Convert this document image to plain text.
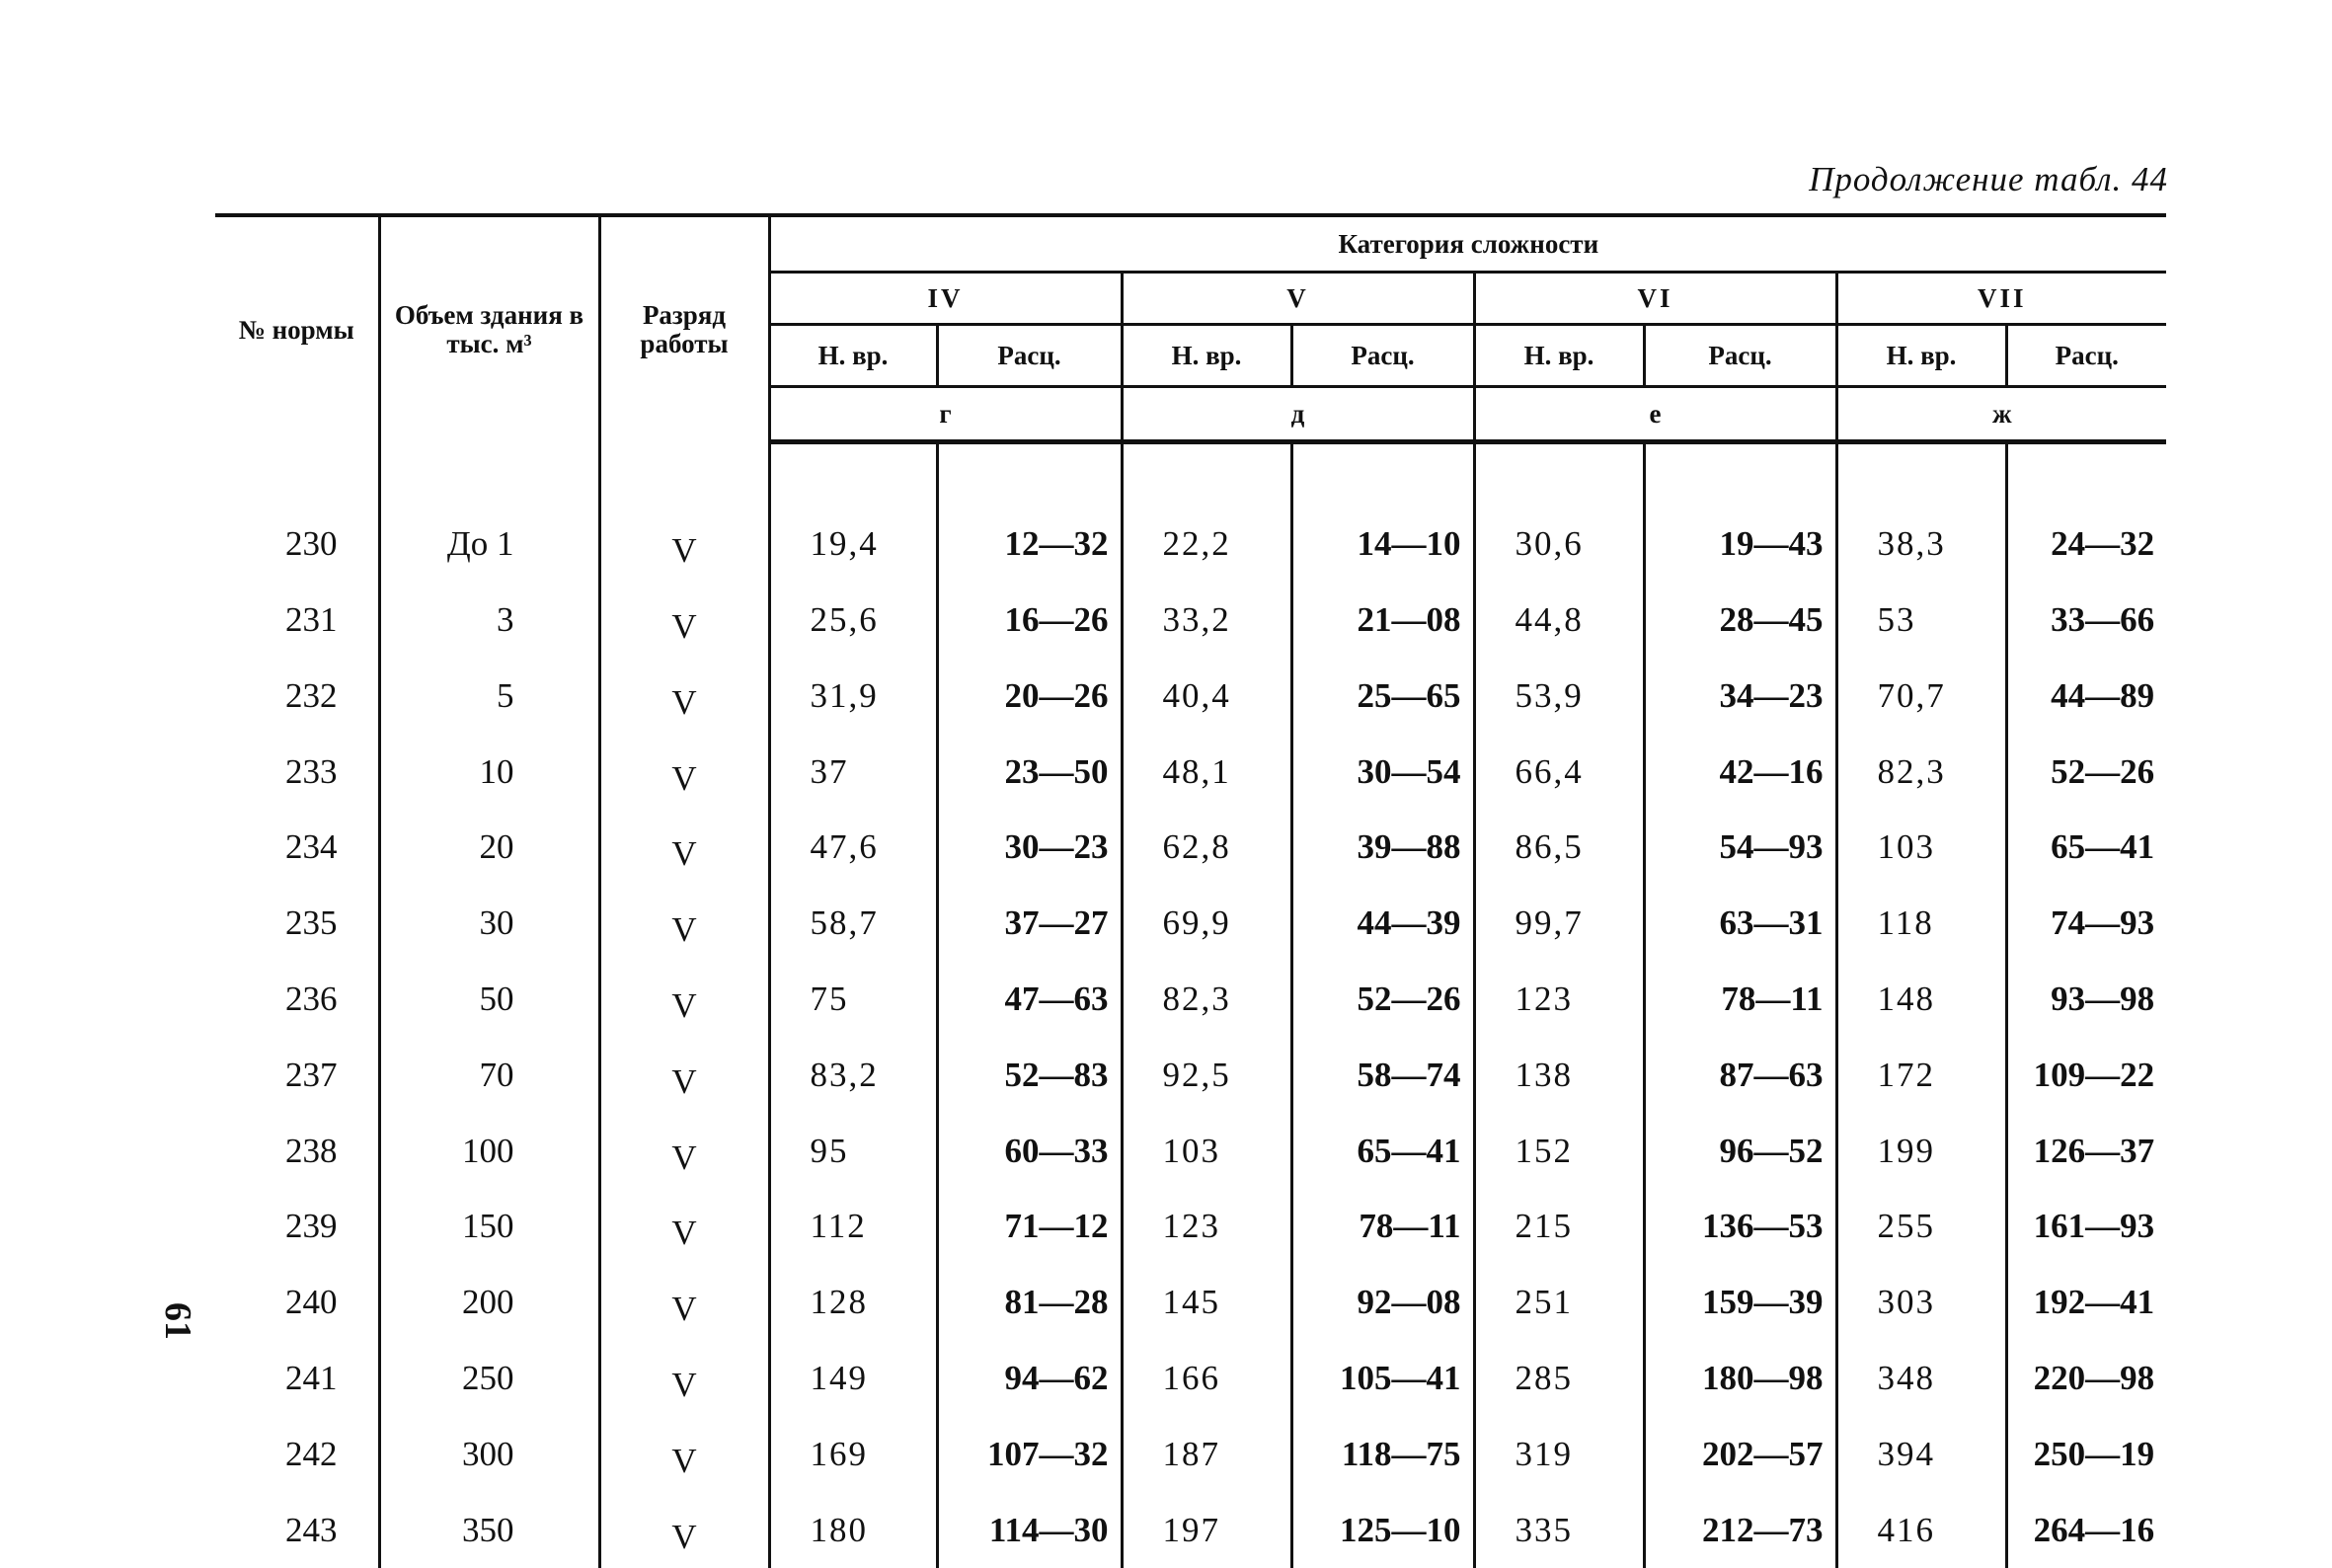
Продолжение табл. 44
61
№ нормы	Объем здания в тыс. м³	Разряд работы	Категория сложности							
			IV		V		VI		VII	
			Н. вр.	Расц.	Н. вр.	Расц.	Н. вр.	Расц.	Н. вр.	Расц.
			г		д		е		ж	

230	До 1	V	19,4	12—32	22,2	14—10	30,6	19—43	38,3	24—32
231	3	V	25,6	16—26	33,2	21—08	44,8	28—45	53	33—66
232	5	V	31,9	20—26	40,4	25—65	53,9	34—23	70,7	44—89
233	10	V	37	23—50	48,1	30—54	66,4	42—16	82,3	52—26
234	20	V	47,6	30—23	62,8	39—88	86,5	54—93	103	65—41
235	30	V	58,7	37—27	69,9	44—39	99,7	63—31	118	74—93
236	50	V	75	47—63	82,3	52—26	123	78—11	148	93—98
237	70	V	83,2	52—83	92,5	58—74	138	87—63	172	109—22
238	100	V	95	60—33	103	65—41	152	96—52	199	126—37
239	150	V	112	71—12	123	78—11	215	136—53	255	161—93
240	200	V	128	81—28	145	92—08	251	159—39	303	192—41
241	250	V	149	94—62	166	105—41	285	180—98	348	220—98
242	300	V	169	107—32	187	118—75	319	202—57	394	250—19
243	350	V	180	114—30	197	125—10	335	212—73	416	264—16
